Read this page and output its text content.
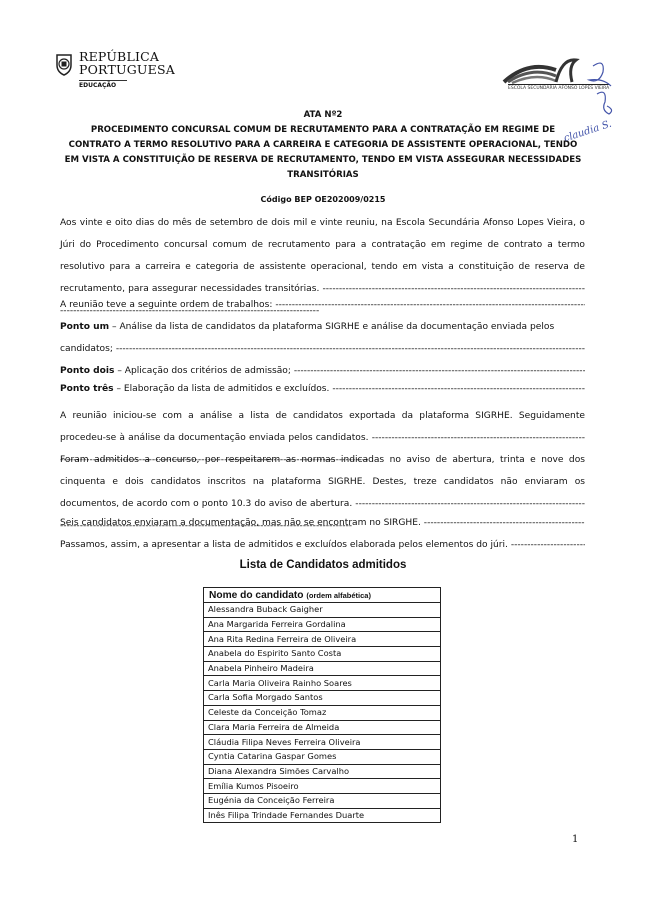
REPÚBLICA
PORTUGUESA
EDUCAÇÃO	ESCOLA SECUNDÁRIA AFONSO LOPES VIEIRA
claudia S.
ATA Nº2
PROCEDIMENTO CONCURSAL COMUM DE RECRUTAMENTO PARA A CONTRATAÇÃO EM REGIME DE
CONTRATO A TERMO RESOLUTIVO PARA A CARREIRA E CATEGORIA DE ASSISTENTE OPERACIONAL, TENDO
EM VISTA A CONSTITUIÇÃO DE RESERVA DE RECRUTAMENTO, TENDO EM VISTA ASSEGURAR NECESSIDADES
TRANSITÓRIAS
Código BEP OE202009/0215
Aos vinte e oito dias do mês de setembro de dois mil e vinte reuniu, na Escola Secundária Afonso Lopes Vieira, o Júri do Procedimento concursal comum de recrutamento para a contratação em regime de contrato a termo resolutivo para a carreira e categoria de assistente operacional, tendo em vista a constituição de reserva de recrutamento, para assegurar necessidades transitórias. -----
A reunião teve a seguinte ordem de trabalhos: -----
Ponto um – Análise da lista de candidatos da plataforma SIGRHE e análise da documentação enviada pelos
candidatos; -----
Ponto dois – Aplicação dos critérios de admissão; -----
Ponto três – Elaboração da lista de admitidos e excluídos. -----
A reunião iniciou-se com a análise a lista de candidatos exportada da plataforma SIGRHE. Seguidamente procedeu-se à análise da documentação enviada pelos candidatos. -----
Foram admitidos a concurso, por respeitarem as normas indicadas no aviso de abertura, trinta e nove dos cinquenta e dois candidatos inscritos na plataforma SIGRHE. Destes, treze candidatos não enviaram os documentos, de acordo com o ponto 10.3 do aviso de abertura. -----
Seis candidatos enviaram a documentação, mas não se encontram no SIRGHE. -----
Passamos, assim, a apresentar a lista de admitidos e excluídos elaborada pelos elementos do júri. -----
Lista de Candidatos admitidos
Nome do candidato (ordem alfabética)
Alessandra Buback Gaigher
Ana Margarida Ferreira Gordalina
Ana Rita Redina Ferreira de Oliveira
Anabela do Espirito Santo Costa
Anabela Pinheiro Madeira
Carla Maria Oliveira Rainho Soares
Carla Sofia Morgado Santos
Celeste da Conceição Tomaz
Clara Maria Ferreira de Almeida
Cláudia Filipa Neves Ferreira Oliveira
Cyntia Catarina Gaspar Gomes
Diana Alexandra Simões Carvalho
Emília Kumos Pisoeiro
Eugénia da Conceição Ferreira
Inês Filipa Trindade Fernandes Duarte
1
